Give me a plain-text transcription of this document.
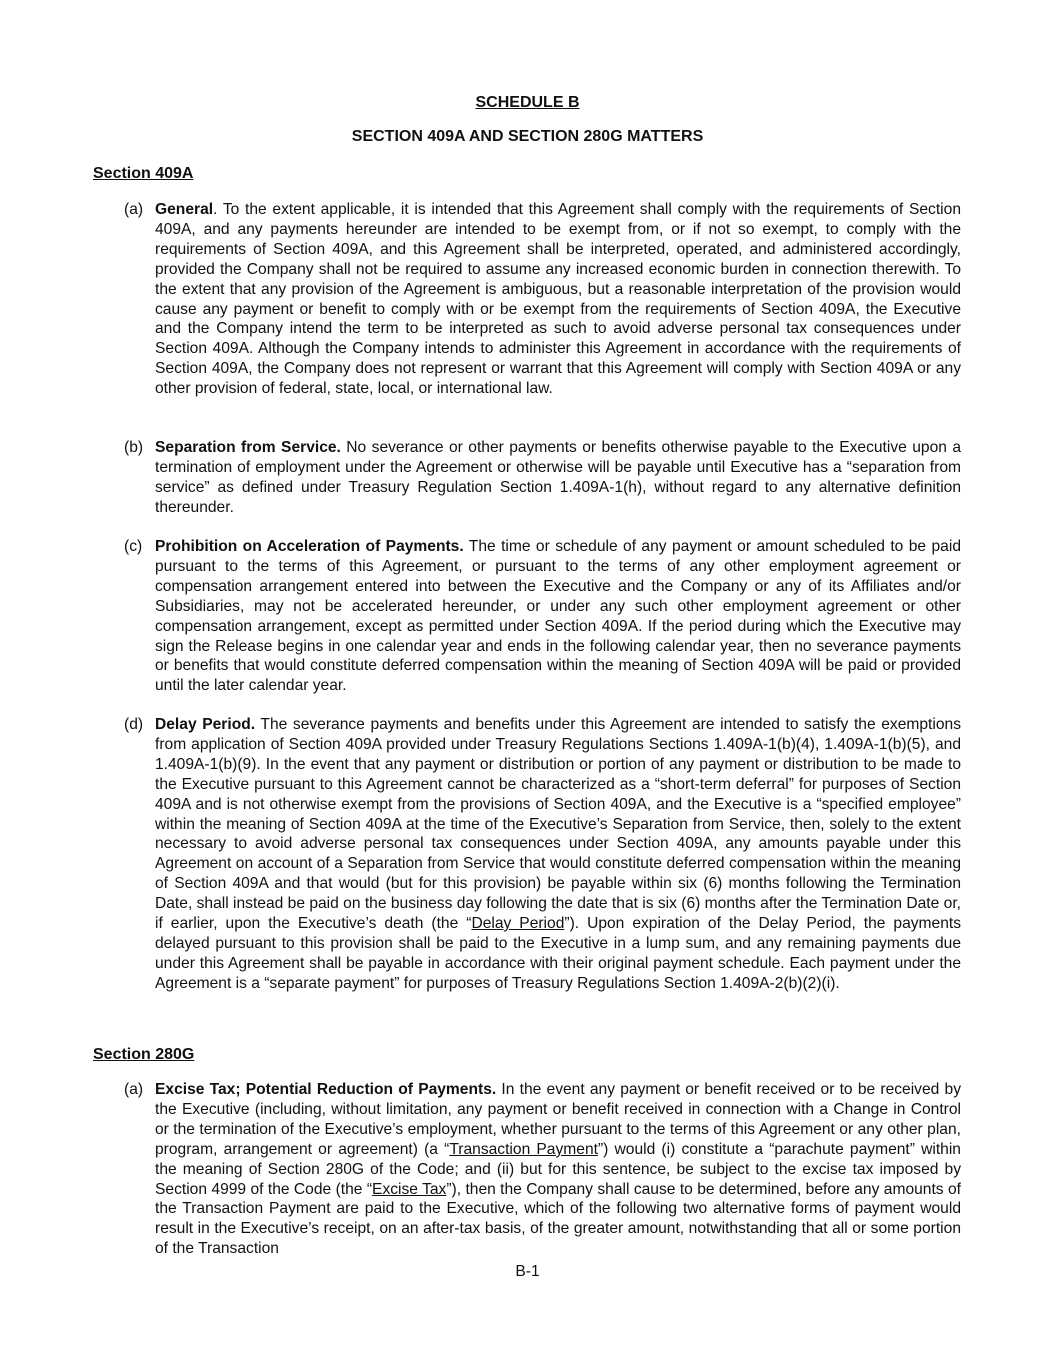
SCHEDULE B
SECTION 409A AND SECTION 280G MATTERS
Section 409A
(a) General. To the extent applicable, it is intended that this Agreement shall comply with the requirements of Section 409A, and any payments hereunder are intended to be exempt from, or if not so exempt, to comply with the requirements of Section 409A, and this Agreement shall be interpreted, operated, and administered accordingly, provided the Company shall not be required to assume any increased economic burden in connection therewith. To the extent that any provision of the Agreement is ambiguous, but a reasonable interpretation of the provision would cause any payment or benefit to comply with or be exempt from the requirements of Section 409A, the Executive and the Company intend the term to be interpreted as such to avoid adverse personal tax consequences under Section 409A. Although the Company intends to administer this Agreement in accordance with the requirements of Section 409A, the Company does not represent or warrant that this Agreement will comply with Section 409A or any other provision of federal, state, local, or international law.
(b) Separation from Service. No severance or other payments or benefits otherwise payable to the Executive upon a termination of employment under the Agreement or otherwise will be payable until Executive has a “separation from service” as defined under Treasury Regulation Section 1.409A-1(h), without regard to any alternative definition thereunder.
(c) Prohibition on Acceleration of Payments. The time or schedule of any payment or amount scheduled to be paid pursuant to the terms of this Agreement, or pursuant to the terms of any other employment agreement or compensation arrangement entered into between the Executive and the Company or any of its Affiliates and/or Subsidiaries, may not be accelerated hereunder, or under any such other employment agreement or other compensation arrangement, except as permitted under Section 409A. If the period during which the Executive may sign the Release begins in one calendar year and ends in the following calendar year, then no severance payments or benefits that would constitute deferred compensation within the meaning of Section 409A will be paid or provided until the later calendar year.
(d) Delay Period. The severance payments and benefits under this Agreement are intended to satisfy the exemptions from application of Section 409A provided under Treasury Regulations Sections 1.409A-1(b)(4), 1.409A-1(b)(5), and 1.409A-1(b)(9). In the event that any payment or distribution or portion of any payment or distribution to be made to the Executive pursuant to this Agreement cannot be characterized as a “short-term deferral” for purposes of Section 409A and is not otherwise exempt from the provisions of Section 409A, and the Executive is a “specified employee” within the meaning of Section 409A at the time of the Executive’s Separation from Service, then, solely to the extent necessary to avoid adverse personal tax consequences under Section 409A, any amounts payable under this Agreement on account of a Separation from Service that would constitute deferred compensation within the meaning of Section 409A and that would (but for this provision) be payable within six (6) months following the Termination Date, shall instead be paid on the business day following the date that is six (6) months after the Termination Date or, if earlier, upon the Executive’s death (the “Delay Period”). Upon expiration of the Delay Period, the payments delayed pursuant to this provision shall be paid to the Executive in a lump sum, and any remaining payments due under this Agreement shall be payable in accordance with their original payment schedule. Each payment under the Agreement is a “separate payment” for purposes of Treasury Regulations Section 1.409A-2(b)(2)(i).
Section 280G
(a) Excise Tax; Potential Reduction of Payments. In the event any payment or benefit received or to be received by the Executive (including, without limitation, any payment or benefit received in connection with a Change in Control or the termination of the Executive’s employment, whether pursuant to the terms of this Agreement or any other plan, program, arrangement or agreement) (a “Transaction Payment”) would (i) constitute a “parachute payment” within the meaning of Section 280G of the Code; and (ii) but for this sentence, be subject to the excise tax imposed by Section 4999 of the Code (the “Excise Tax”), then the Company shall cause to be determined, before any amounts of the Transaction Payment are paid to the Executive, which of the following two alternative forms of payment would result in the Executive’s receipt, on an after-tax basis, of the greater amount, notwithstanding that all or some portion of the Transaction
B-1
